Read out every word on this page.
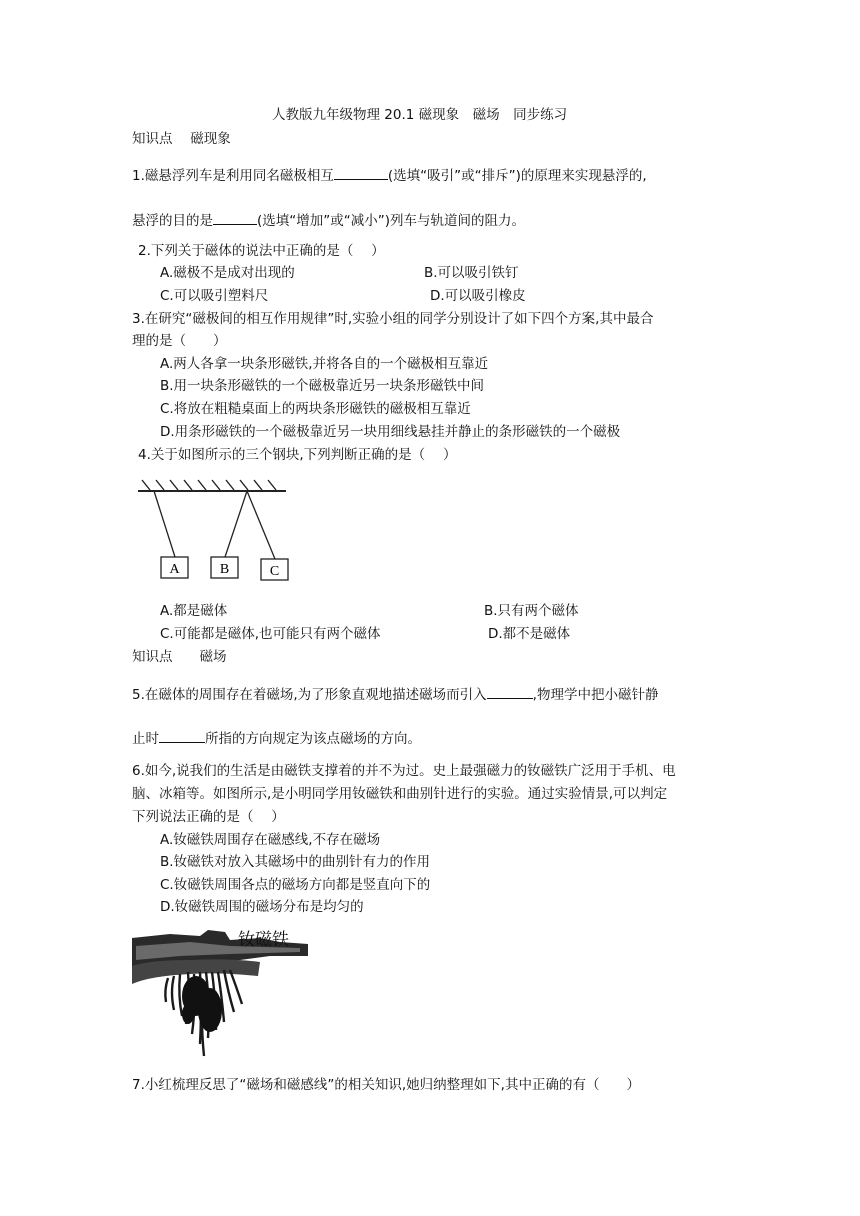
人教版九年级物理 20.1 磁现象　磁场　同步练习
知识点　 磁现象
1.磁悬浮列车是利用同名磁极相互	(选填“吸引”或“排斥”)的原理来实现悬浮的,
悬浮的目的是	(选填“增加”或“减小”)列车与轨道间的阻力。
2.下列关于磁体的说法中正确的是（　 ）
A.磁极不是成对出现的	B.可以吸引铁钉
C.可以吸引塑料尺	D.可以吸引橡皮
3.在研究“磁极间的相互作用规律”时,实验小组的同学分别设计了如下四个方案,其中最合
理的是（　　）
A.两人各拿一块条形磁铁,并将各自的一个磁极相互靠近
B.用一块条形磁铁的一个磁极靠近另一块条形磁铁中间
C.将放在粗糙桌面上的两块条形磁铁的磁极相互靠近
D.用条形磁铁的一个磁极靠近另一块用细线悬挂并静止的条形磁铁的一个磁极
4.关于如图所示的三个钢块,下列判断正确的是（　 ）
A	B	C
A.都是磁体	B.只有两个磁体
C.可能都是磁体,也可能只有两个磁体	D.都不是磁体
知识点　　磁场
5.在磁体的周围存在着磁场,为了形象直观地描述磁场而引入	,物理学中把小磁针静
止时	所指的方向规定为该点磁场的方向。
6.如今,说我们的生活是由磁铁支撑着的并不为过。史上最强磁力的钕磁铁广泛用于手机、电
脑、冰箱等。如图所示,是小明同学用钕磁铁和曲别针进行的实验。通过实验情景,可以判定
下列说法正确的是（　 ）
A.钕磁铁周围存在磁感线,不存在磁场
B.钕磁铁对放入其磁场中的曲别针有力的作用
C.钕磁铁周围各点的磁场方向都是竖直向下的
D.钕磁铁周围的磁场分布是均匀的
钕磁铁
7.小红梳理反思了“磁场和磁感线”的相关知识,她归纳整理如下,其中正确的有（　　）
